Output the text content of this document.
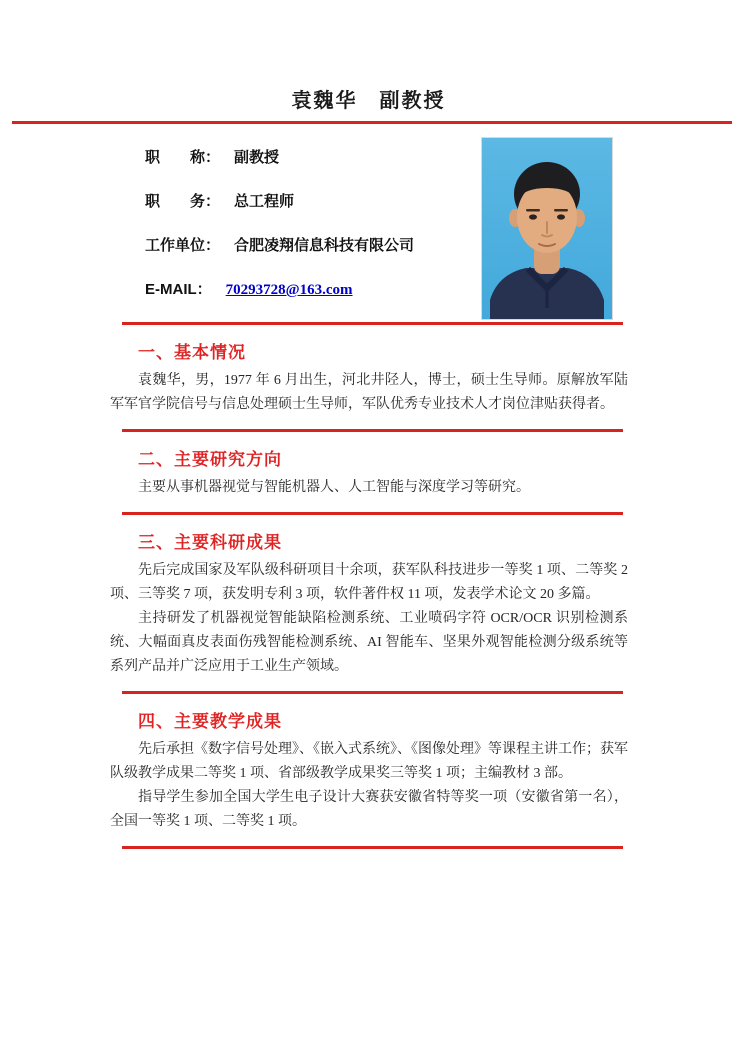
袁魏华　副教授
职　　称： 副教授
职　　务： 总工程师
工作单位： 合肥凌翔信息科技有限公司
E-MAIL： 70293728@163.com
一、基本情况

袁魏华，男，1977 年 6 月出生，河北井陉人，博士，硕士生导师。原解放军陆军军官学院信号与信息处理硕士生导师，军队优秀专业技术人才岗位津贴获得者。

二、主要研究方向

主要从事机器视觉与智能机器人、人工智能与深度学习等研究。

三、主要科研成果

先后完成国家及军队级科研项目十余项，获军队科技进步一等奖 1 项、二等奖 2 项、三等奖 7 项，获发明专利 3 项，软件著件权 11 项，发表学术论文 20 多篇。

主持研发了机器视觉智能缺陷检测系统、工业喷码字符 OCR/OCR 识别检测系统、大幅面真皮表面伤残智能检测系统、AI 智能车、坚果外观智能检测分级系统等系列产品并广泛应用于工业生产领域。

四、主要教学成果

先后承担《数字信号处理》、《嵌入式系统》、《图像处理》等课程主讲工作；获军队级教学成果二等奖 1 项、省部级教学成果奖三等奖 1 项；主编教材 3 部。

指导学生参加全国大学生电子设计大赛获安徽省特等奖一项（安徽省第一名），全国一等奖 1 项、二等奖 1 项。
